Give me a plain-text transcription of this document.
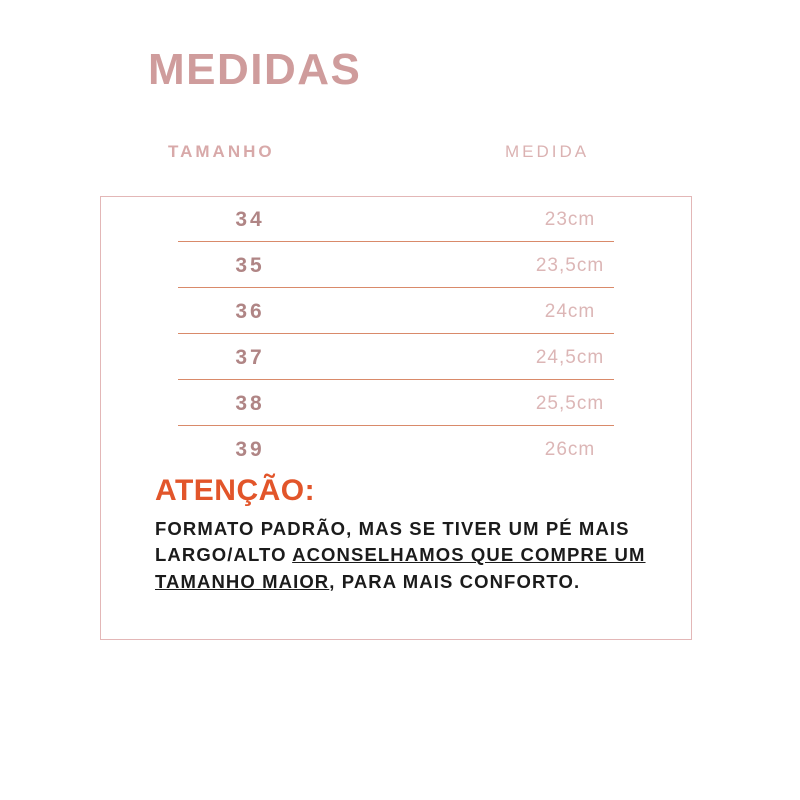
MEDIDAS
TAMANHO	MEDIDA
34	23cm
35	23,5cm
36	24cm
37	24,5cm
38	25,5cm
39	26cm
ATENÇÃO:
FORMATO PADRÃO, MAS SE TIVER UM PÉ MAIS LARGO/ALTO ACONSELHAMOS QUE COMPRE UM TAMANHO MAIOR, PARA MAIS CONFORTO.
